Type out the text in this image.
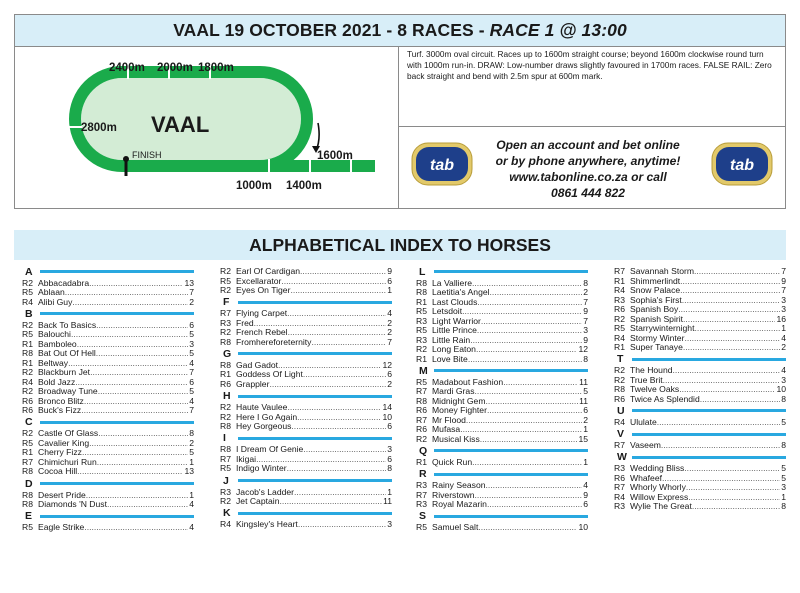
VAAL 19 OCTOBER 2021 - 8 RACES - RACE 1 @ 13:00
2400m 2000m 1800m
2800m
1600m
1000m 1400m
VAAL
FINISH
Turf. 3000m oval circuit. Races up to 1600m straight course; beyond 1600m clockwise round turn with 1000m run-in. DRAW: Low-number draws slightly favoured in 1700m races. FALSE RAIL: Zero back straight and bend with 2.5m spur at 600m mark.
tab
Open an account and bet online
or by phone anywhere, anytime!
www.tabonline.co.za or call
0861 444 822
tab
ALPHABETICAL INDEX TO HORSES
A
R2 Abbacadabra .....	13
R5 Ablaan .....	7
R4 Alibi Guy .....	2
B
R2 Back To Basics .....	6
R5 Balouchi .....	5
R1 Bamboleo .....	3
R8 Bat Out Of Hell .....	5
R1 Beltway .....	4
R2 Blackburn Jet .....	7
R4 Bold Jazz .....	6
R2 Broadway Tune .....	5
R6 Bronco Blitz .....	4
R6 Buck's Fizz .....	7
C
R2 Castle Of Glass .....	8
R5 Cavalier King .....	2
R1 Cherry Fizz .....	5
R7 Chimichuri Run .....	1
R8 Cocoa Hill .....	13
D
R8 Desert Pride .....	1
R8 Diamonds 'N Dust .....	4
E
R5 Eagle Strike .....	4
R2 Earl Of Cardigan .....	9
R5 Excellarator .....	6
R2 Eyes On Tiger .....	1
F
R7 Flying Carpet .....	4
R3 Fred .....	2
R2 French Rebel .....	2
R8 Fromhereforeternity .....	7
G
R8 Gad Gadot .....	12
R1 Goddess Of Light .....	6
R6 Grappler .....	2
H
R2 Haute Vaulee .....	14
R2 Here I Go Again .....	10
R8 Hey Gorgeous .....	6
I
R8 I Dream Of Genie .....	3
R7 Ikigai .....	6
R5 Indigo Winter .....	8
J
R3 Jacob's Ladder .....	1
R2 Jet Captain .....	11
K
R4 Kingsley's Heart .....	3
L
R8 La Valliere .....	8
R8 Laetitia's Angel .....	2
R1 Last Clouds .....	7
R5 Letsdoit .....	9
R3 Light Warrior .....	7
R5 Little Prince .....	3
R3 Little Rain .....	9
R2 Long Eaton .....	12
R1 Love Bite .....	8
M
R5 Madabout Fashion .....	11
R7 Mardi Gras .....	5
R8 Midnight Gem .....	11
R6 Money Fighter .....	6
R7 Mr Flood .....	2
R6 Mufasa .....	1
R2 Musical Kiss .....	15
Q
R1 Quick Run .....	1
R
R3 Rainy Season .....	4
R7 Riverstown .....	9
R3 Royal Mazarin .....	6
S
R5 Samuel Salt .....	10
R7 Savannah Storm .....	7
R1 Shimmerlindt .....	9
R4 Snow Palace .....	7
R3 Sophia's First .....	3
R6 Spanish Boy .....	3
R2 Spanish Spirit .....	16
R5 Starrywinternight .....	1
R4 Stormy Winter .....	4
R1 Super Tanaye .....	2
T
R2 The Hound .....	4
R2 True Brit .....	3
R8 Twelve Oaks .....	10
R6 Twice As Splendid .....	8
U
R4 Ululate .....	5
V
R7 Vaseem .....	8
W
R3 Wedding Bliss .....	5
R6 Whafeef .....	5
R7 Whorly Whorly .....	3
R4 Willow Express .....	1
R3 Wylie The Great .....	8
